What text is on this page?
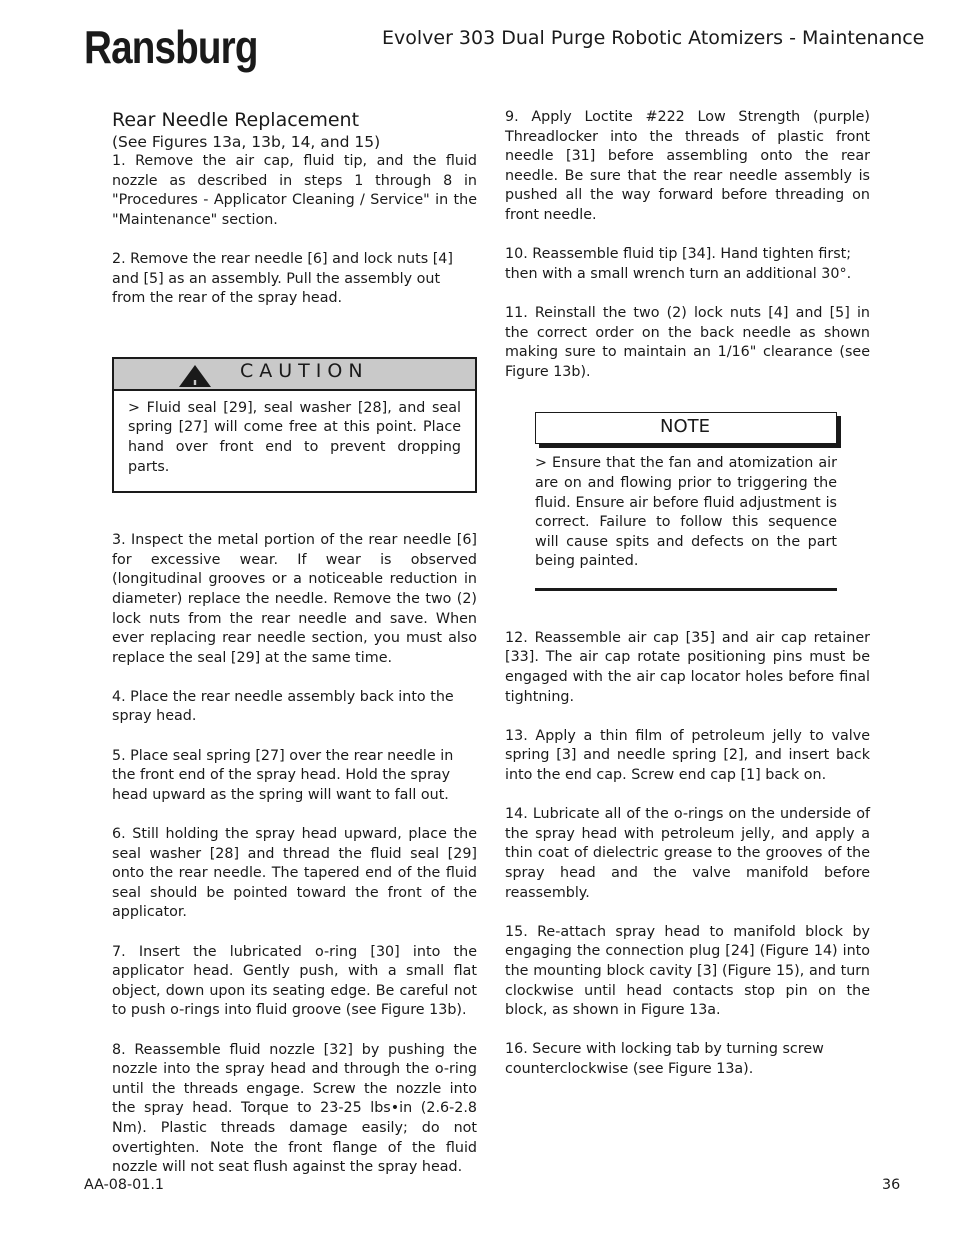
Ransburg	Evolver 303 Dual Purge Robotic Atomizers - Maintenance
Rear Needle Replacement
(See Figures 13a, 13b, 14, and 15)

1. Remove the air cap, fluid tip, and the fluid nozzle as described in steps 1 through 8 in "Procedures - Applicator Cleaning / Service" in the "Maintenance" section.

2. Remove the rear needle [6] and lock nuts [4] and [5] as an assembly. Pull the assembly out from the rear of the spray head.

CAUTION
> Fluid seal [29], seal washer [28], and seal spring [27] will come free at this point. Place hand over front end to prevent dropping parts.

3. Inspect the metal portion of the rear needle [6] for excessive wear. If wear is observed (longitudinal grooves or a noticeable reduction in diameter) replace the needle. Remove the two (2) lock nuts from the rear needle and save. When ever replacing rear needle section, you must also replace the seal [29] at the same time.

4. Place the rear needle assembly back into the spray head.

5. Place seal spring [27] over the rear needle in the front end of the spray head. Hold the spray head upward as the spring will want to fall out.

6. Still holding the spray head upward, place the seal washer [28] and thread the fluid seal [29] onto the rear needle. The tapered end of the fluid seal should be pointed toward the front of the applicator.

7. Insert the lubricated o-ring [30] into the applicator head. Gently push, with a small flat object, down upon its seating edge. Be careful not to push o-rings into fluid groove (see Figure 13b).

8. Reassemble fluid nozzle [32] by pushing the nozzle into the spray head and through the o-ring until the threads engage. Screw the nozzle into the spray head. Torque to 23-25 lbs•in (2.6-2.8 Nm). Plastic threads damage easily; do not overtighten. Note the front flange of the fluid nozzle will not seat flush against the spray head.

9. Apply Loctite #222 Low Strength (purple) Threadlocker into the threads of plastic front needle [31] before assembling onto the rear needle. Be sure that the rear needle assembly is pushed all the way forward before threading on front needle.

10. Reassemble fluid tip [34]. Hand tighten first; then with a small wrench turn an additional 30°.

11. Reinstall the two (2) lock nuts [4] and [5] in the correct order on the back needle as shown making sure to maintain an 1/16" clearance (see Figure 13b).

NOTE
> Ensure that the fan and atomization air are on and flowing prior to triggering the fluid. Ensure air before fluid adjustment is correct. Failure to follow this sequence will cause spits and defects on the part being painted.

12. Reassemble air cap [35] and air cap retainer [33]. The air cap rotate positioning pins must be engaged with the air cap locator holes before final tightning.

13. Apply a thin film of petroleum jelly to valve spring [3] and needle spring [2], and insert back into the end cap. Screw end cap [1] back on.

14. Lubricate all of the o-rings on the underside of the spray head with petroleum jelly, and apply a thin coat of dielectric grease to the grooves of the spray head and the valve manifold before reassembly.

15. Re-attach spray head to manifold block by engaging the connection plug [24] (Figure 14) into the mounting block cavity [3] (Figure 15), and turn clockwise until head contacts stop pin on the block, as shown in Figure 13a.

16. Secure with locking tab by turning screw counterclockwise (see Figure 13a).

AA-08-01.1	36
